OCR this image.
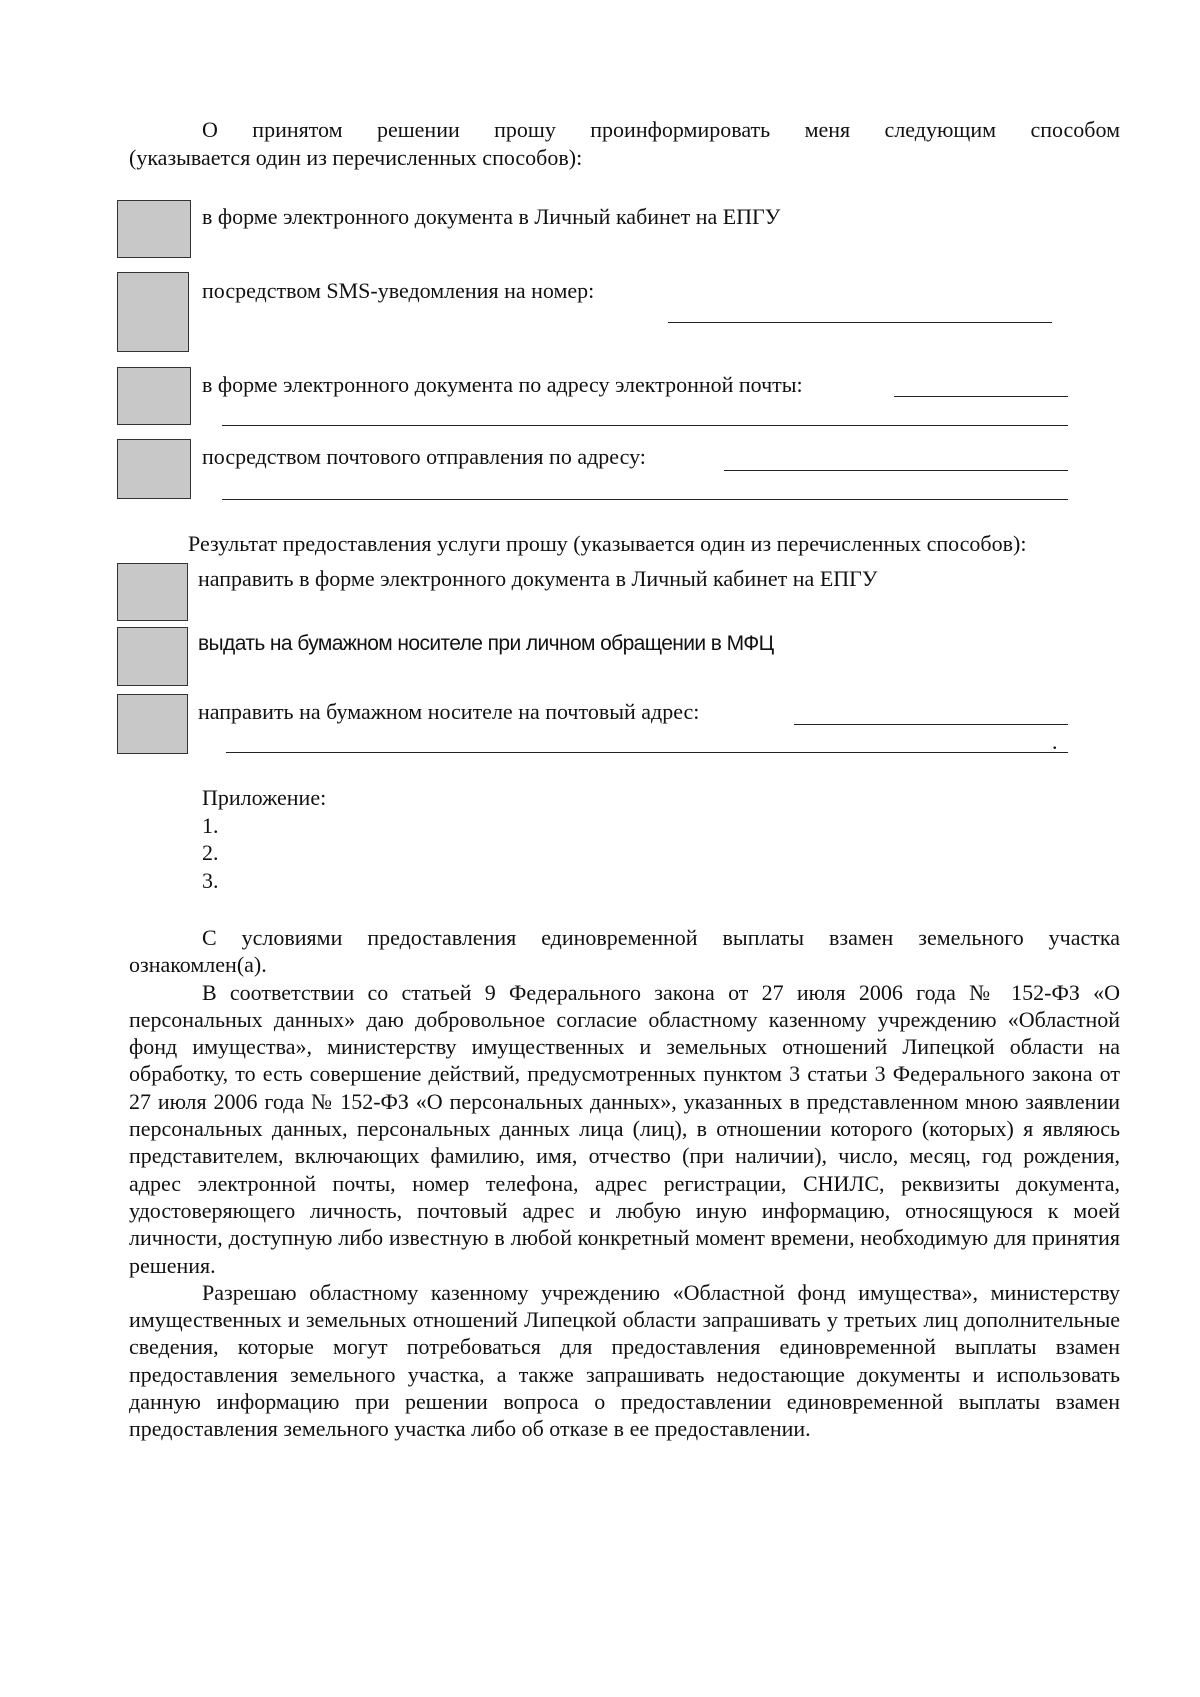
О принятом решении прошу проинформировать меня следующим способом
(указывается один из перечисленных способов):
в форме электронного документа в Личный кабинет на ЕПГУ
посредством SMS-уведомления на номер:
в форме электронного документа по адресу электронной почты:
посредством почтового отправления по адресу:
Результат предоставления услуги прошу (указывается один из перечисленных способов):
направить в форме электронного документа в Личный кабинет на ЕПГУ
выдать на бумажном носителе при личном обращении в МФЦ
направить на бумажном носителе на почтовый адрес:
.
Приложение:
1.
2.
3.

С условиями предоставления единовременной выплаты взамен земельного участка ознакомлен(а).

В соответствии со статьей 9 Федерального закона от 27 июля 2006 года № 152-ФЗ «О персональных данных» даю добровольное согласие областному казенному учреждению «Областной фонд имущества», министерству имущественных и земельных отношений Липецкой области на обработку, то есть совершение действий, предусмотренных пунктом 3 статьи 3 Федерального закона от 27 июля 2006 года № 152-ФЗ «О персональных данных», указанных в представленном мною заявлении персональных данных, персональных данных лица (лиц), в отношении которого (которых) я являюсь представителем, включающих фамилию, имя, отчество (при наличии), число, месяц, год рождения, адрес электронной почты, номер телефона, адрес регистрации, СНИЛС, реквизиты документа, удостоверяющего личность, почтовый адрес и любую иную информацию, относящуюся к моей личности, доступную либо известную в любой конкретный момент времени, необходимую для принятия решения.

Разрешаю областному казенному учреждению «Областной фонд имущества», министерству имущественных и земельных отношений Липецкой области запрашивать у третьих лиц дополнительные сведения, которые могут потребоваться для предоставления единовременной выплаты взамен предоставления земельного участка, а также запрашивать недостающие документы и использовать данную информацию при решении вопроса о предоставлении единовременной выплаты взамен предоставления земельного участка либо об отказе в ее предоставлении.
